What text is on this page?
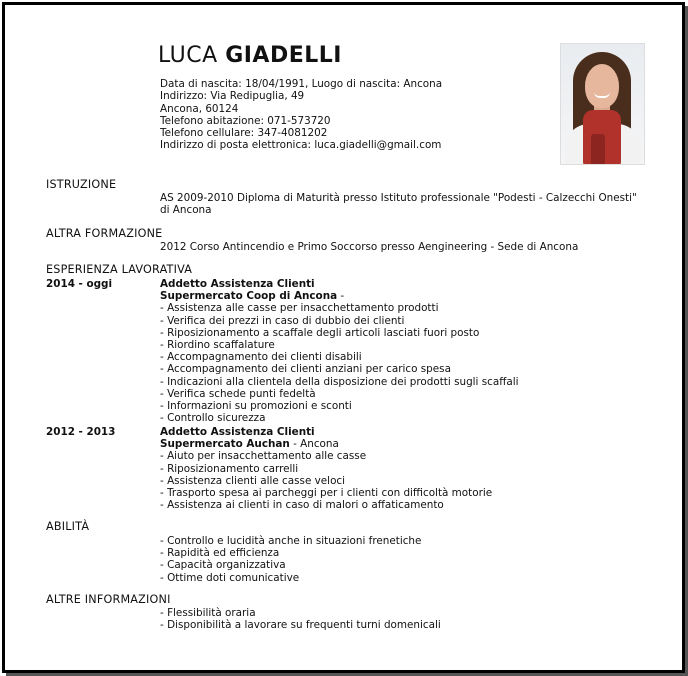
LUCA GIADELLI
Data di nascita: 18/04/1991, Luogo di nascita: Ancona
Indirizzo: Via Redipuglia, 49
Ancona, 60124
Telefono abitazione: 071-573720
Telefono cellulare: 347-4081202
Indirizzo di posta elettronica: luca.giadelli@gmail.com
ISTRUZIONE
AS 2009-2010 Diploma di Maturità presso Istituto professionale "Podesti - Calzecchi Onesti"
di Ancona
ALTRA FORMAZIONE
2012 Corso Antincendio e Primo Soccorso presso Aengineering - Sede di Ancona
ESPERIENZA LAVORATIVA
2014 - oggi	Addetto Assistenza Clienti
Supermercato Coop di Ancona -
- Assistenza alle casse per insacchettamento prodotti
- Verifica dei prezzi in caso di dubbio dei clienti
- Riposizionamento a scaffale degli articoli lasciati fuori posto
- Riordino scaffalature
- Accompagnamento dei clienti disabili
- Accompagnamento dei clienti anziani per carico spesa
- Indicazioni alla clientela della disposizione dei prodotti sugli scaffali
- Verifica schede punti fedeltà
- Informazioni su promozioni e sconti
- Controllo sicurezza
2012 - 2013	Addetto Assistenza Clienti
Supermercato Auchan - Ancona
- Aiuto per insacchettamento alle casse
- Riposizionamento carrelli
- Assistenza clienti alle casse veloci
- Trasporto spesa ai parcheggi per i clienti con difficoltà motorie
- Assistenza ai clienti in caso di malori o affaticamento
ABILITÀ
- Controllo e lucidità anche in situazioni frenetiche
- Rapidità ed efficienza
- Capacità organizzativa
- Ottime doti comunicative
ALTRE INFORMAZIONI
- Flessibilità oraria
- Disponibilità a lavorare su frequenti turni domenicali
